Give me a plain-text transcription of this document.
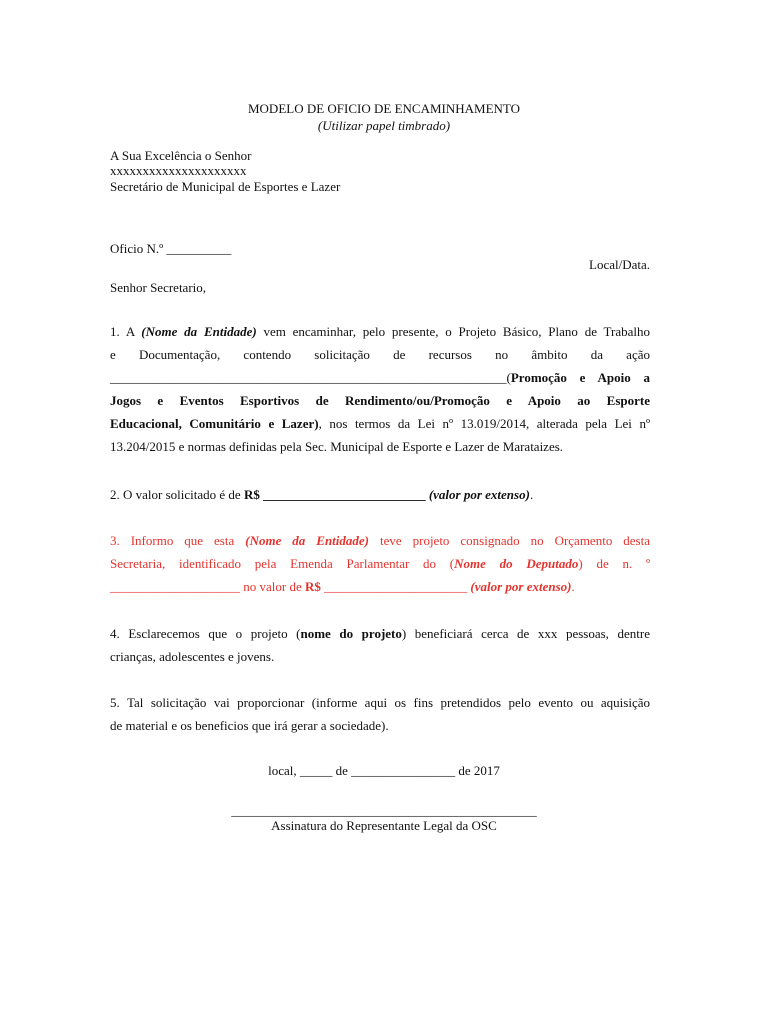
MODELO DE OFICIO DE ENCAMINHAMENTO
(Utilizar papel timbrado)
A Sua Excelência o Senhor
xxxxxxxxxxxxxxxxxxxxx
Secretário de Municipal de Esportes e Lazer
Oficio N.º __________
Local/Data.
Senhor Secretario,
1. A (Nome da Entidade) vem encaminhar, pelo presente, o Projeto Básico, Plano de Trabalho
e Documentação, contendo solicitação de recursos no âmbito da ação
_____________________________________________________________(Promoção e Apoio a
Jogos e Eventos Esportivos de Rendimento/ou/Promoção e Apoio ao Esporte
Educacional, Comunitário e Lazer), nos termos da Lei nº 13.019/2014, alterada pela Lei nº
13.204/2015 e normas definidas pela Sec. Municipal de Esporte e Lazer de Marataizes.
2. O valor solicitado é de R$ _________________________ (valor por extenso).
3. Informo que esta (Nome da Entidade) teve projeto consignado no Orçamento desta
Secretaria, identificado pela Emenda Parlamentar do (Nome do Deputado) de n. º
____________________ no valor de R$ ______________________ (valor por extenso).
4. Esclarecemos que o projeto (nome do projeto) beneficiará cerca de xxx pessoas, dentre
crianças, adolescentes e jovens.
5. Tal solicitação vai proporcionar (informe aqui os fins pretendidos pelo evento ou aquisição
de material e os beneficios que irá gerar a sociedade).
local, _____ de ________________ de 2017
_______________________________________________
Assinatura do Representante Legal da OSC
